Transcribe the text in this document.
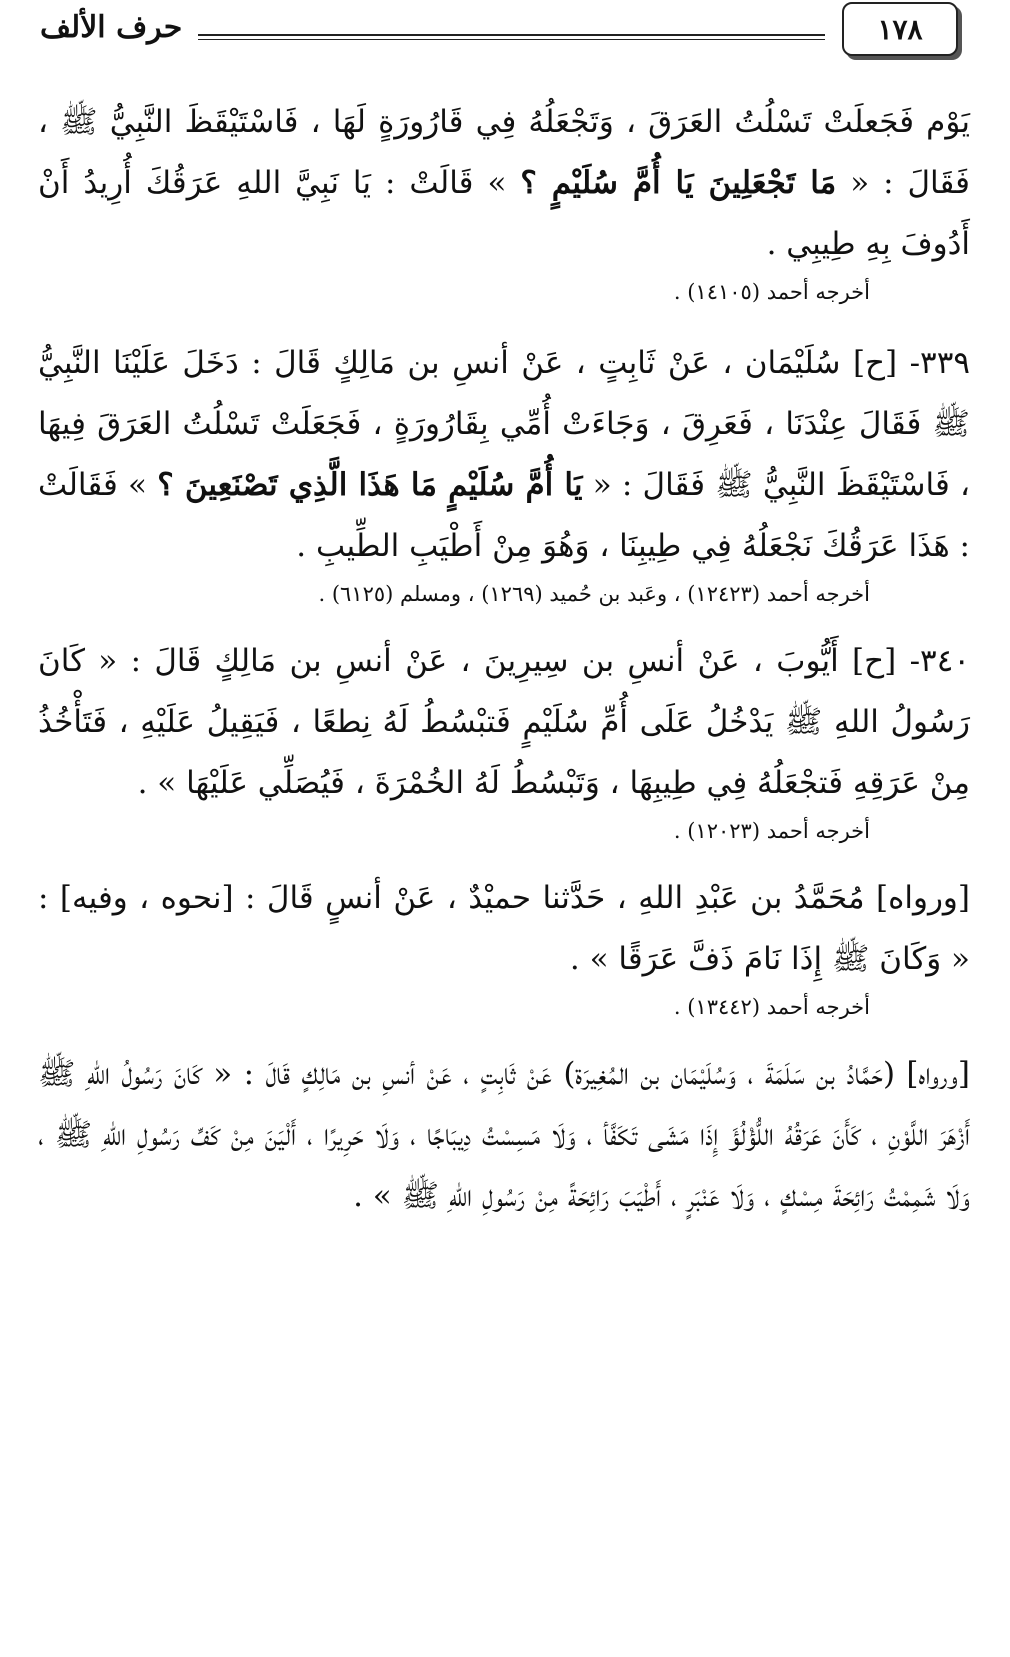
١٧٨
حرف الألف

يَوْم فَجَعلَتْ تَسْلُتُ العَرَقَ ، وَتَجْعَلُهُ فِي قَارُورَةٍ لَهَا ، فَاسْتَيْقَظَ النَّبِيُّ ﷺ ، فَقَالَ : « مَا تَجْعَلِينَ يَا أُمَّ سُلَيْمٍ ؟ » قَالَتْ : يَا نَبِيَّ اللهِ عَرَقُكَ أُرِيدُ أَنْ أَدُوفَ بِهِ طِيبِي .

أخرجه أحمد (١٤١٠٥) .

٣٣٩- [ح] سُلَيْمَان ، عَنْ ثَابِتٍ ، عَنْ أنسِ بن مَالِكٍ قَالَ : دَخَلَ عَلَيْنَا النَّبِيُّ ﷺ فَقَالَ عِنْدَنَا ، فَعَرِقَ ، وَجَاءَتْ أُمِّي بِقَارُورَةٍ ، فَجَعَلَتْ تَسْلُتُ العَرَقَ فِيهَا ، فَاسْتَيْقَظَ النَّبِيُّ ﷺ فَقَالَ : « يَا أُمَّ سُلَيْمٍ مَا هَذَا الَّذِي تَصْنَعِينَ ؟ » فَقَالَتْ : هَذَا عَرَقُكَ نَجْعَلُهُ فِي طِيبِنَا ، وَهُوَ مِنْ أَطْيَبِ الطِّيبِ .

أخرجه أحمد (١٢٤٢٣) ، وعَبد بن حُميد (١٢٦٩) ، ومسلم (٦١٢٥) .

٣٤٠- [ح] أَيُّوبَ ، عَنْ أنسِ بن سِيرِينَ ، عَنْ أنسِ بن مَالِكٍ قَالَ : « كَانَ رَسُولُ اللهِ ﷺ يَدْخُلُ عَلَى أُمِّ سُلَيْمٍ فَتبْسُطُ لَهُ نِطعًا ، فَيَقِيلُ عَلَيْهِ ، فَتَأْخُذُ مِنْ عَرَقِهِ فَتجْعَلُهُ فِي طِيبِهَا ، وَتَبْسُطُ لَهُ الخُمْرَةَ ، فَيُصَلِّي عَلَيْهَا » .

أخرجه أحمد (١٢٠٢٣) .

[ورواه] مُحَمَّدُ بن عَبْدِ اللهِ ، حَدَّثنا حميْدٌ ، عَنْ أنسٍ قَالَ : [نحوه ، وفيه] : « وَكَانَ ﷺ إِذَا نَامَ ذَفَّ عَرَقًا » .

أخرجه أحمد (١٣٤٤٢) .

[ورواه] (حَمَّادُ بن سَلَمَةَ ، وَسُلَيْمَان بن المُغِيرَة) عَنْ ثَابِتٍ ، عَنْ أنسِ بن مَالِكٍ قَالَ : « كَانَ رَسُولُ اللهِ ﷺ أَزْهَرَ اللَّوْنِ ، كَأَنَ عَرَقُهُ اللُّؤْلُؤَ إِذَا مَشَى تَكَفَّأ ، وَلَا مَسِسْتُ دِيبَاجًا ، وَلَا حَرِيرًا ، أَلْيَنَ مِنْ كَفِّ رَسُولِ اللهِ ﷺ ، وَلَا شَمِمْتُ رَائِحَةَ مِسْكٍ ، وَلَا عَنْبَرٍ ، أَطْيَبَ رَائِحَةً مِنْ رَسُولِ اللهِ ﷺ » .
